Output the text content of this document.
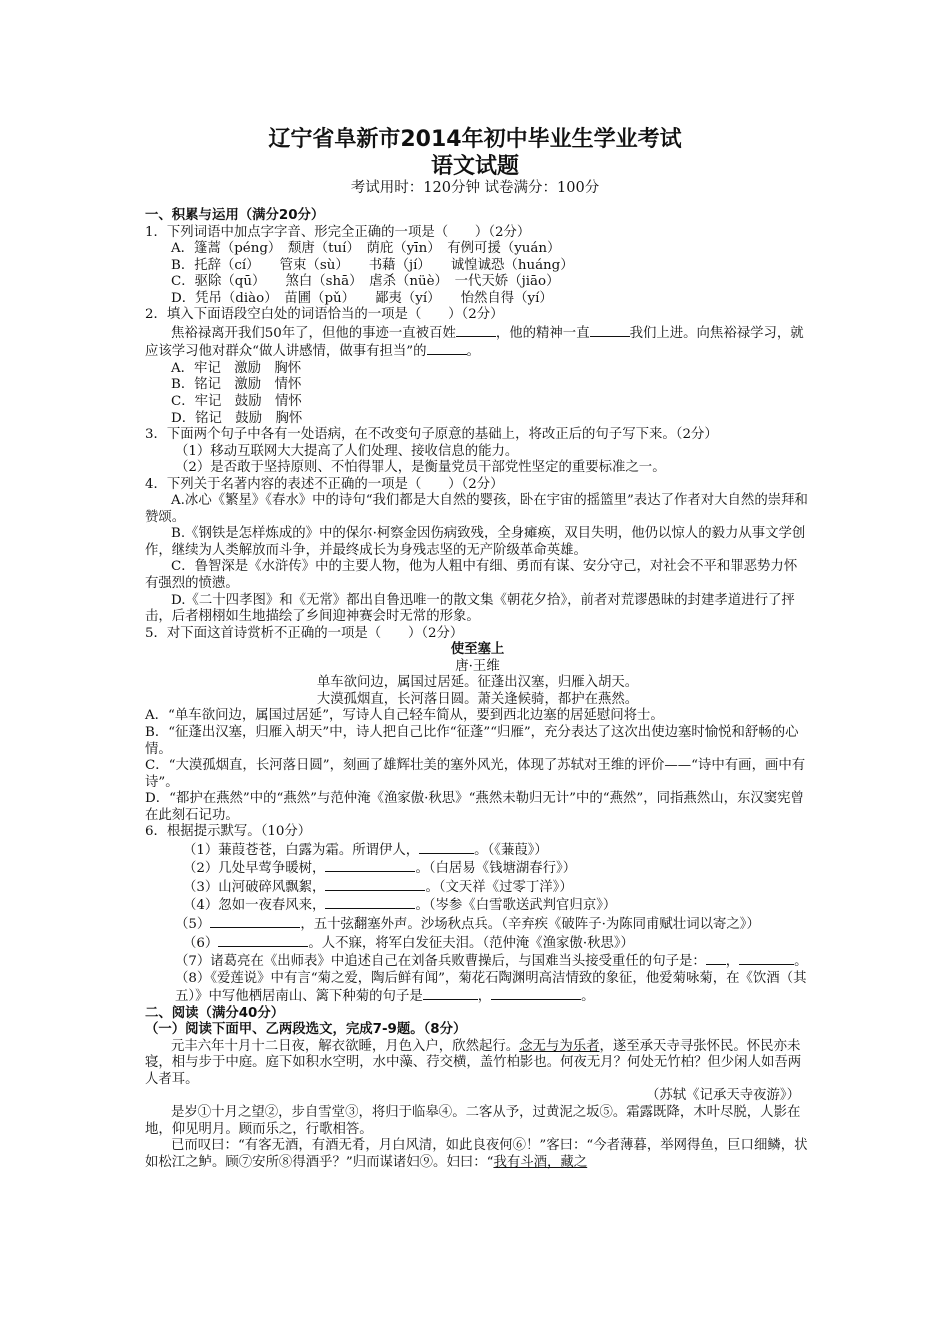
辽宁省阜新市2014年初中毕业生学业考试
语文试题
考试用时：120分钟 试卷满分：100分

一、积累与运用（满分20分）

1．下列词语中加点字字音、形完全正确的一项是（　　）（2分）

A．篷蒿（péng）　颓唐（tuí）　荫庇（yīn）　有例可援（yuán）

B．托辞（cí）　　管束（sù）　　书藉（jí）　　诚惶诚恐（huáng）

C．驱除（qū）　　煞白（shā）　虐杀（nüè）　一代天娇（jiāo）

D．凭吊（diào）　苗圃（pǔ）　　鄙夷（yí）　　怡然自得（yí）

2．填入下面语段空白处的词语恰当的一项是（　　）（2分）

焦裕禄离开我们50年了，但他的事迹一直被百姓	，他的精神一直	我们上进。向焦裕禄学习，就应该学习他对群众“做人讲感情，做事有担当”的	。

A．牢记　激励　胸怀

B．铭记　激励　情怀

C．牢记　鼓励　情怀

D．铭记　鼓励　胸怀

3．下面两个句子中各有一处语病，在不改变句子原意的基础上，将改正后的句子写下来。（2分）

（1）移动互联网大大提高了人们处理、接收信息的能力。

（2）是否敢于坚持原则、不怕得罪人，是衡量党员干部党性坚定的重要标准之一。

4．下列关于名著内容的表述不正确的一项是（　　）（2分）

A.冰心《繁星》《春水》中的诗句“我们都是大自然的婴孩，卧在宇宙的摇篮里”表达了作者对大自然的崇拜和赞颂。

B.《钢铁是怎样炼成的》中的保尔·柯察金因伤病致残，全身瘫痪，双目失明，他仍以惊人的毅力从事文学创作，继续为人类解放而斗争，并最终成长为身残志坚的无产阶级革命英雄。

C．鲁智深是《水浒传》中的主要人物，他为人粗中有细、勇而有谋、安分守己，对社会不平和罪恶势力怀有强烈的愤懑。

D.《二十四孝图》和《无常》都出自鲁迅唯一的散文集《朝花夕拾》，前者对荒谬愚昧的封建孝道进行了抨击，后者栩栩如生地描绘了乡间迎神赛会时无常的形象。

5．对下面这首诗赏析不正确的一项是（　　）（2分）

使至塞上

唐·王维

单车欲问边，属国过居延。征蓬出汉塞，归雁入胡天。

大漠孤烟直，长河落日圆。萧关逢候骑，都护在燕然。

A．“单车欲问边，属国过居延”，写诗人自己轻车简从，要到西北边塞的居延慰问将士。

B．“征蓬出汉塞，归雁入胡天”中，诗人把自己比作“征蓬”“归雁”，充分表达了这次出使边塞时愉悦和舒畅的心情。

C．“大漠孤烟直，长河落日圆”，刻画了雄辉壮美的塞外风光，体现了苏轼对王维的评价——“诗中有画，画中有诗”。

D．“都护在燕然”中的“燕然”与范仲淹《渔家傲·秋思》“燕然未勒归无计”中的“燕然”，同指燕然山，东汉窦宪曾在此刻石记功。

6．根据提示默写。（10分）

（1）蒹葭苍苍，白露为霜。所谓伊人，	。（《蒹葭》）

（2）几处早莺争暖树，	。（白居易《钱塘湖春行》）

（3）山河破碎风飘絮，	。（文天祥《过零丁洋》）

（4）忽如一夜春风来，	。（岑参《白雪歌送武判官归京》）

（5）	，五十弦翻塞外声。沙场秋点兵。（辛弃疾《破阵子·为陈同甫赋壮词以寄之》）

（6）	。人不寐，将军白发征夫泪。（范仲淹《渔家傲·秋思》）

（7）诸葛亮在《出师表》中追述自己在刘备兵败曹操后，与国难当头接受重任的句子是： ，	。

（8）《爱莲说》中有言“菊之爱，陶后鲜有闻”，菊花石陶渊明高洁情致的象征，他爱菊咏菊，在《饮酒（其五）》中写他栖居南山、篱下种菊的句子是	，	。

二、阅读（满分40分）

（一）阅读下面甲、乙两段选文，完成7-9题。（8分）

元丰六年十月十二日夜，解衣欲睡，月色入户，欣然起行。念无与为乐者，遂至承天寺寻张怀民。怀民亦未寝，相与步于中庭。庭下如积水空明，水中藻、荇交横，盖竹柏影也。何夜无月？何处无竹柏？但少闲人如吾两人者耳。

（苏轼《记承天寺夜游》）

是岁①十月之望②，步自雪堂③，将归于临皋④。二客从予，过黄泥之坂⑤。霜露既降，木叶尽脱，人影在地，仰见明月。顾而乐之，行歌相答。

已而叹曰：“有客无酒，有酒无肴，月白风清，如此良夜何⑥！”客曰：“今者薄暮，举网得鱼，巨口细鳞，状如松江之鲈。顾⑦安所⑧得酒乎？”归而谋诸妇⑨。妇曰：“我有斗酒，藏之
